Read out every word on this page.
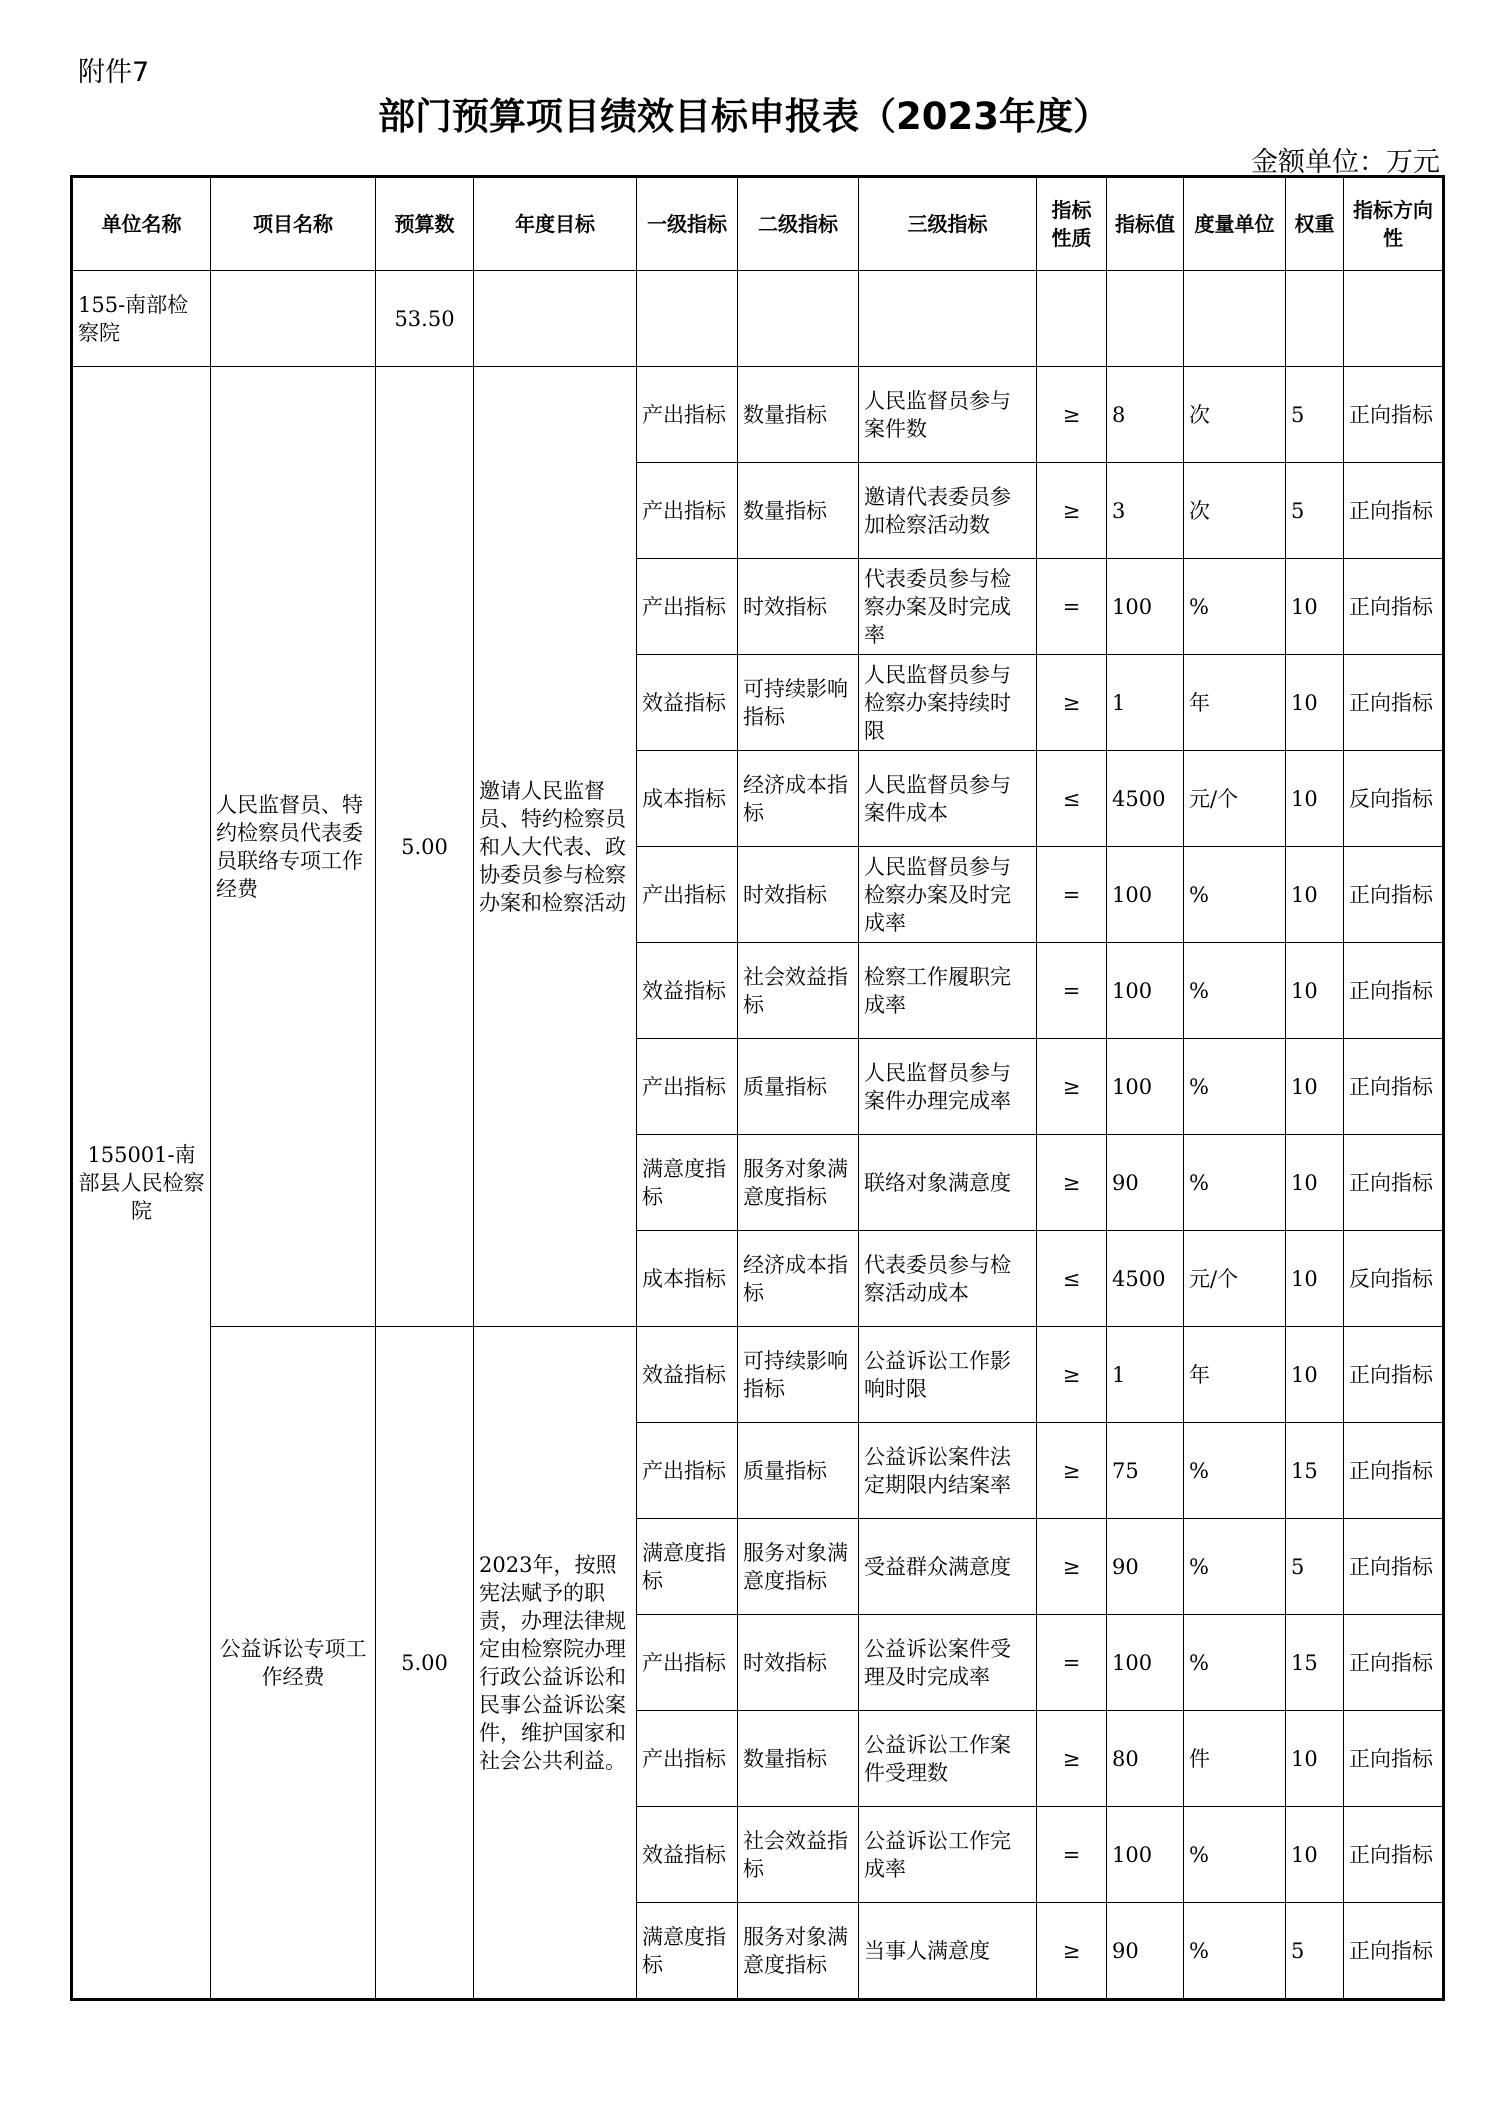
附件7
部门预算项目绩效目标申报表（2023年度）
金额单位：万元
单位名称	项目名称	预算数	年度目标	一级指标	二级指标	三级指标	指标性质	指标值	度量单位	权重	指标方向性
155-南部检察院		53.50									
155001-南部县人民检察院	人民监督员、特约检察员代表委员联络专项工作经费	5.00	邀请人民监督员、特约检察员和人大代表、政协委员参与检察办案和检察活动	产出指标	数量指标	人民监督员参与案件数	≥	8	次	5	正向指标
				产出指标	数量指标	邀请代表委员参加检察活动数	≥	3	次	5	正向指标
				产出指标	时效指标	代表委员参与检察办案及时完成率	=	100	%	10	正向指标
				效益指标	可持续影响指标	人民监督员参与检察办案持续时限	≥	1	年	10	正向指标
				成本指标	经济成本指标	人民监督员参与案件成本	≤	4500	元/个	10	反向指标
				产出指标	时效指标	人民监督员参与检察办案及时完成率	=	100	%	10	正向指标
				效益指标	社会效益指标	检察工作履职完成率	=	100	%	10	正向指标
				产出指标	质量指标	人民监督员参与案件办理完成率	≥	100	%	10	正向指标
				满意度指标	服务对象满意度指标	联络对象满意度	≥	90	%	10	正向指标
				成本指标	经济成本指标	代表委员参与检察活动成本	≤	4500	元/个	10	反向指标
	公益诉讼专项工作经费	5.00	2023年，按照宪法赋予的职责，办理法律规定由检察院办理行政公益诉讼和民事公益诉讼案件，维护国家和社会公共利益。	效益指标	可持续影响指标	公益诉讼工作影响时限	≥	1	年	10	正向指标
				产出指标	质量指标	公益诉讼案件法定期限内结案率	≥	75	%	15	正向指标
				满意度指标	服务对象满意度指标	受益群众满意度	≥	90	%	5	正向指标
				产出指标	时效指标	公益诉讼案件受理及时完成率	=	100	%	15	正向指标
				产出指标	数量指标	公益诉讼工作案件受理数	≥	80	件	10	正向指标
				效益指标	社会效益指标	公益诉讼工作完成率	=	100	%	10	正向指标
				满意度指标	服务对象满意度指标	当事人满意度	≥	90	%	5	正向指标
